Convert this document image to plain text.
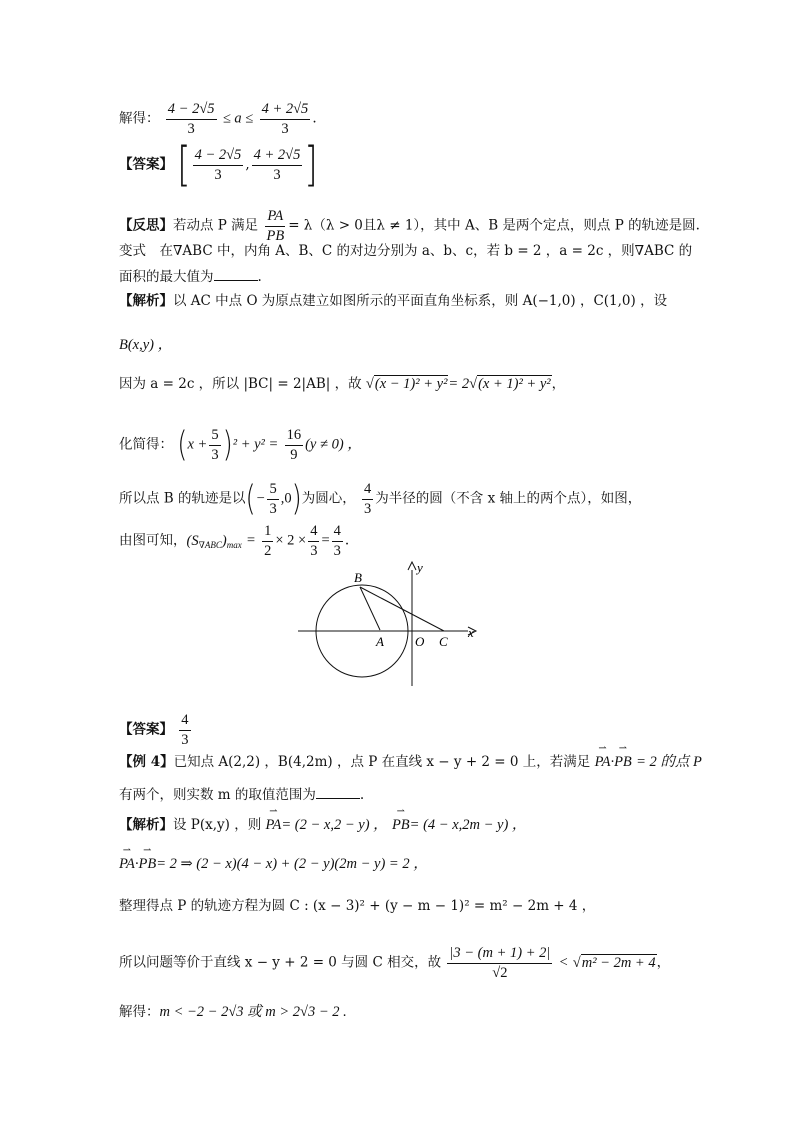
解得： $\frac{4 - 2√5}{3} \le a \le \frac{4 + 2√5}{3}$ .
【答案】 [ $\frac{4 - 2√5}{3}$ , $\frac{4 + 2√5}{3}$ ]
【反思】若动点 P 满足 $\frac{PA}{PB} = \lambda(\lambda > 0$且λ ≠ 1），其中 A、B 是两个定点，则点 P 的轨迹是圆.
变式　在∇ABC 中，内角 A、B、C 的对边分别为 a、b、c，若 b = 2 ，a = 2c ，则∇ABC 的
面积的最大值为	.
【解析】以 AC 中点 O 为原点建立如图所示的平面直角坐标系，则 A(−1,0) ，C(1,0) ，设
B(x,y) ，
因为 a = 2c ，所以 |BC| = 2|AB| ，故 √(x − 1)² + y²= 2√(x + 1)² + y²，
化简得： $(x + \frac{5}{3} )^2 + y^2 = \frac{16}{9} (y \ne 0)$ ，
所以点 B 的轨迹是以(− $\frac{5}{3} ,0$)为圆心， $\frac{4}{3}$ 为半径的圆（不含 x 轴上的两个点），如图，
由图可知，$(S_{\nabla ABC})_{max} = \frac{1}{2} \times 2 \times \frac{4}{3} = \frac{4}{3}$ .
B
y
A O C
x
【答案】 $\frac{4}{3}$
【例 4】已知点 A(2,2) ，B(4,2m) ，点 P 在直线 x − y + 2 = 0 上，若满足 ⇀ PA·⇀ PB = 2 的点 P
有两个，则实数 m 的取值范围为	.
【解析】设 P(x,y) ，则 ⇀ PA= (2 − x,2 − y) ， ⇀ PB= (4 − x,2m − y) ，
⇀ PA·⇀ PB= 2 ⇒ (2 − x)(4 − x) + (2 − y)(2m − y) = 2 ，
整理得点 P 的轨迹方程为圆 C : (x − 3)² + (y − m − 1)² = m² − 2m + 4 ，
所以问题等价于直线 x − y + 2 = 0 与圆 C 相交，故 $\frac{|3 - (m + 1) + 2|}{√2} < √m^2 - 2m + 4$，
解得：m < −2 − 2√3 或 m > 2√3 − 2 .
